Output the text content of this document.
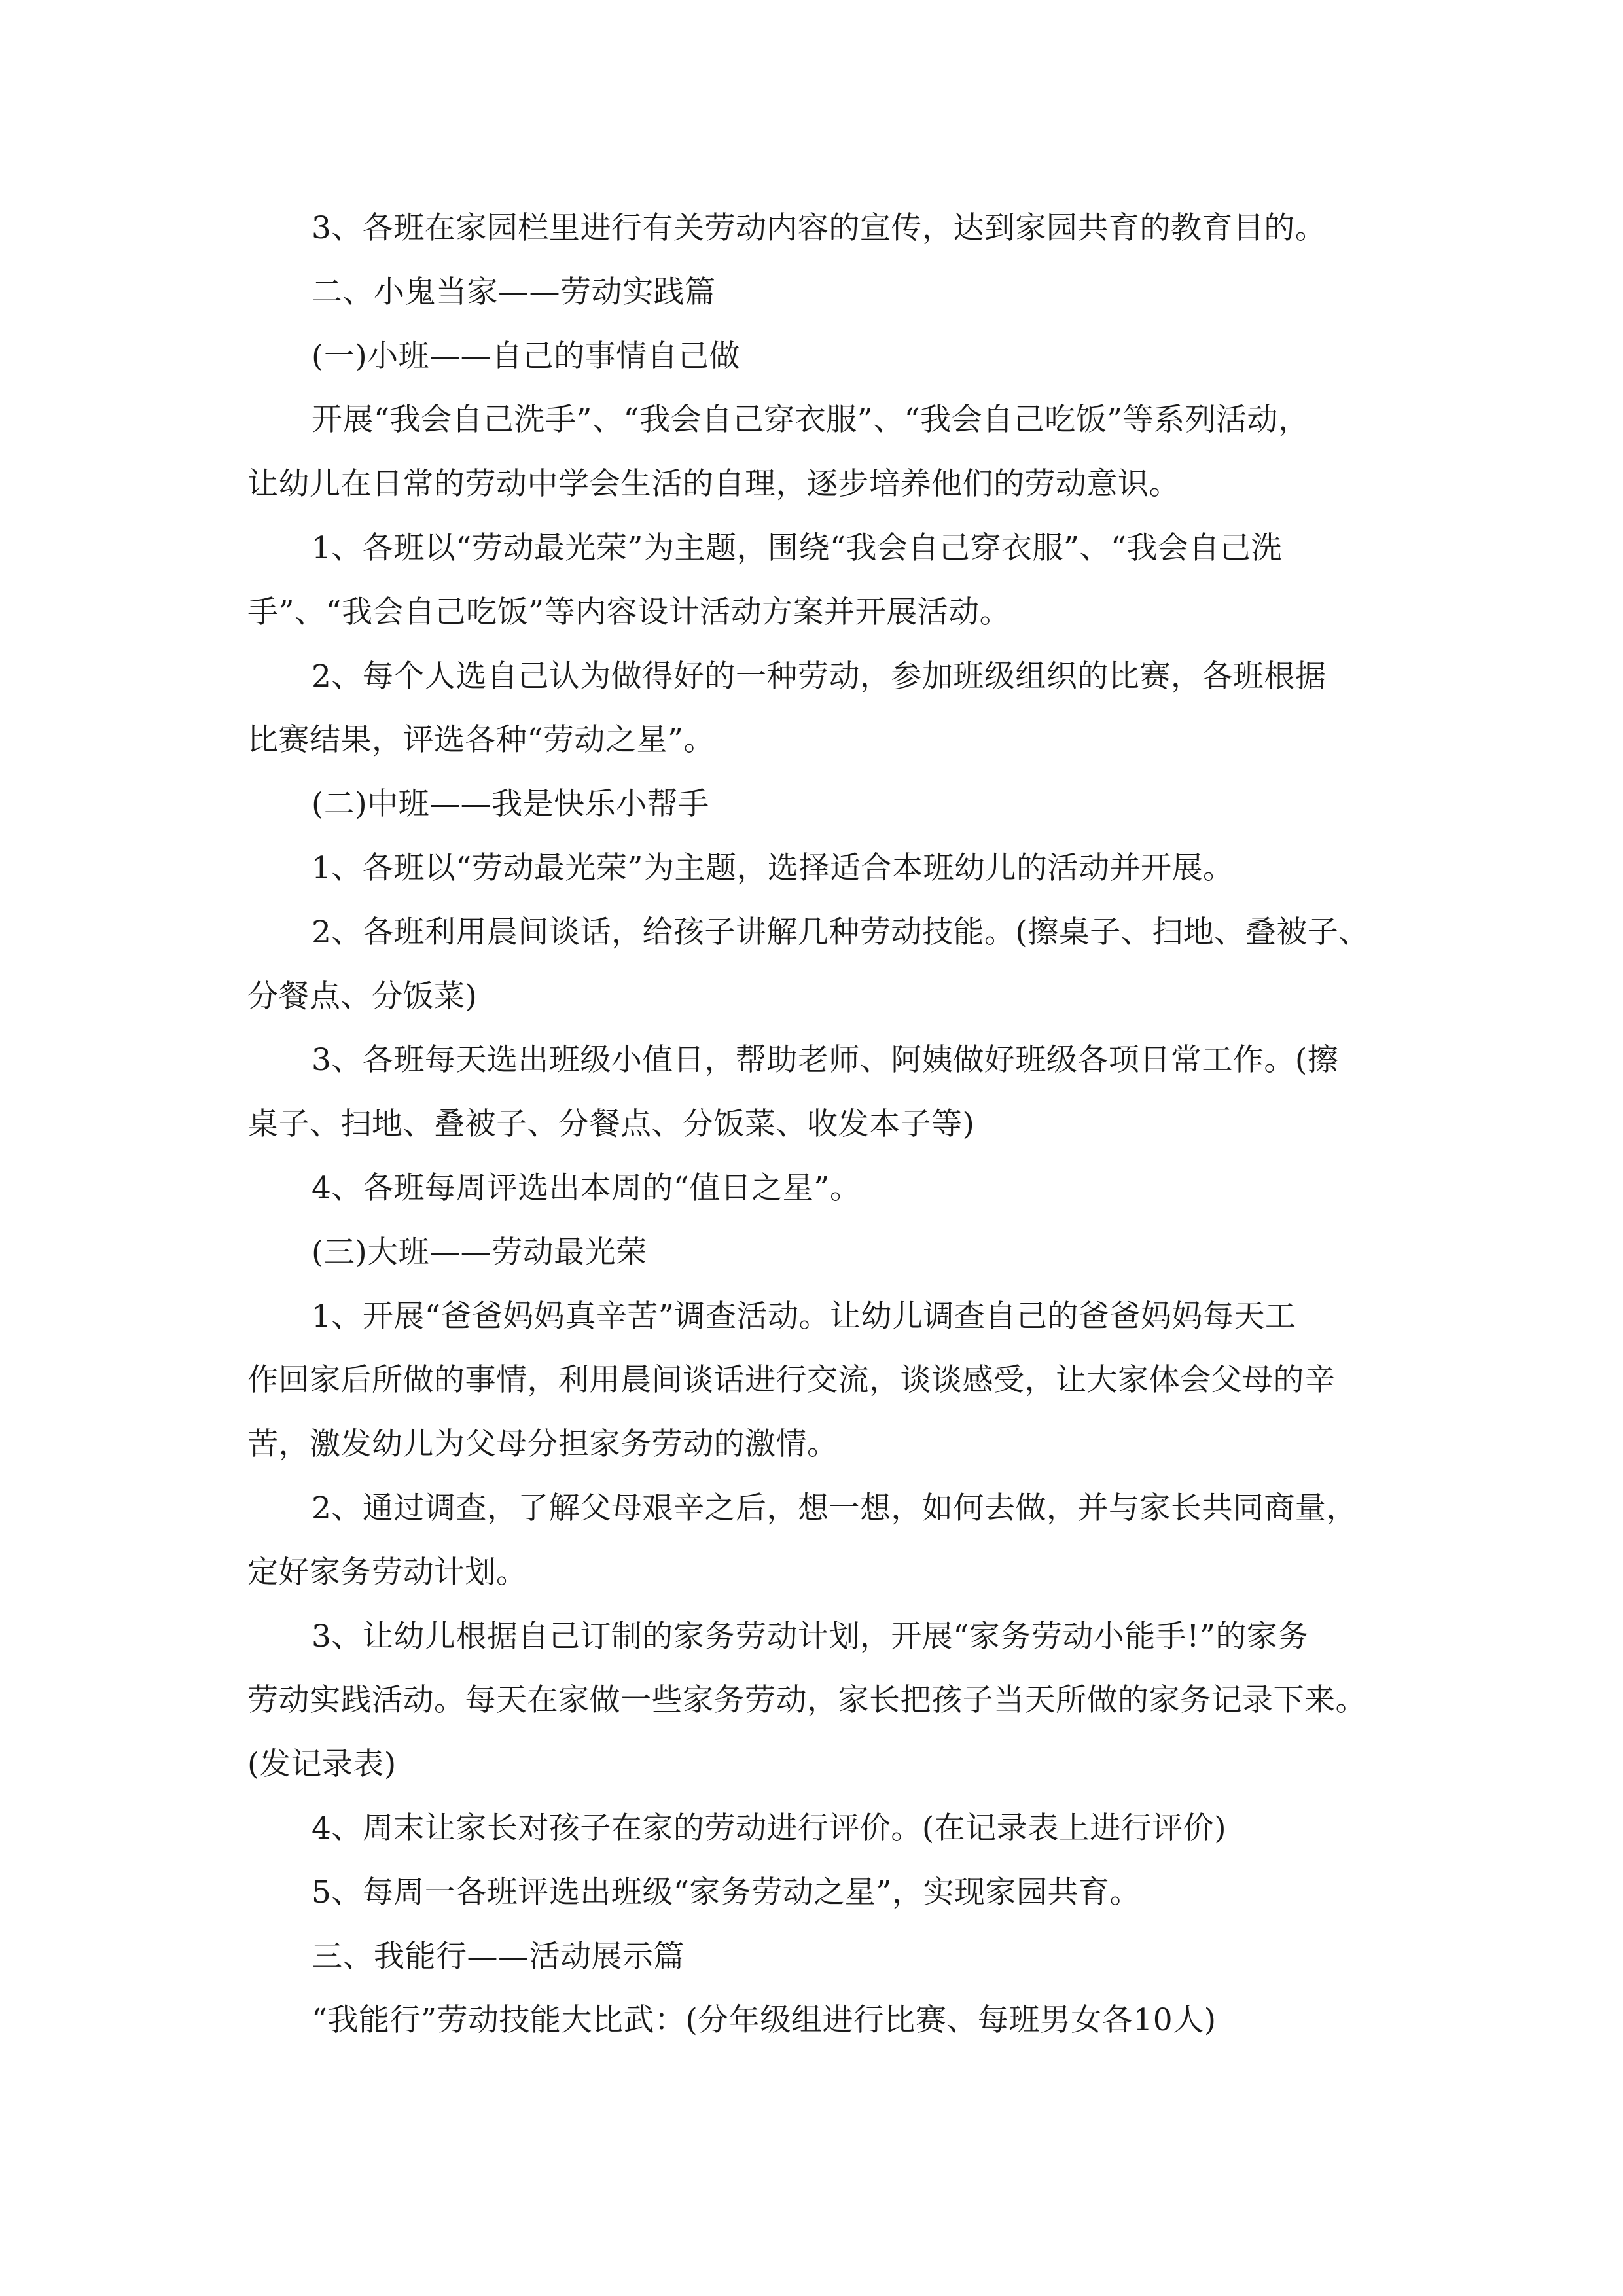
3、各班在家园栏里进行有关劳动内容的宣传，达到家园共育的教育目的。
二、小鬼当家——劳动实践篇
(一)小班——自己的事情自己做
开展“我会自己洗手”、“我会自己穿衣服”、“我会自己吃饭”等系列活动，
让幼儿在日常的劳动中学会生活的自理，逐步培养他们的劳动意识。
1、各班以“劳动最光荣”为主题，围绕“我会自己穿衣服”、“我会自己洗
手”、“我会自己吃饭”等内容设计活动方案并开展活动。
2、每个人选自己认为做得好的一种劳动，参加班级组织的比赛，各班根据
比赛结果，评选各种“劳动之星”。
(二)中班——我是快乐小帮手
1、各班以“劳动最光荣”为主题，选择适合本班幼儿的活动并开展。
2、各班利用晨间谈话，给孩子讲解几种劳动技能。(擦桌子、扫地、叠被子、
分餐点、分饭菜)
3、各班每天选出班级小值日，帮助老师、阿姨做好班级各项日常工作。(擦
桌子、扫地、叠被子、分餐点、分饭菜、收发本子等)
4、各班每周评选出本周的“值日之星”。
(三)大班——劳动最光荣
1、开展“爸爸妈妈真辛苦”调查活动。让幼儿调查自己的爸爸妈妈每天工
作回家后所做的事情，利用晨间谈话进行交流，谈谈感受，让大家体会父母的辛
苦，激发幼儿为父母分担家务劳动的激情。
2、通过调查，了解父母艰辛之后，想一想，如何去做，并与家长共同商量，
定好家务劳动计划。
3、让幼儿根据自己订制的家务劳动计划，开展“家务劳动小能手!”的家务
劳动实践活动。每天在家做一些家务劳动，家长把孩子当天所做的家务记录下来。
(发记录表)
4、周末让家长对孩子在家的劳动进行评价。(在记录表上进行评价)
5、每周一各班评选出班级“家务劳动之星”，实现家园共育。
三、我能行——活动展示篇
“我能行”劳动技能大比武：(分年级组进行比赛、每班男女各10人)
